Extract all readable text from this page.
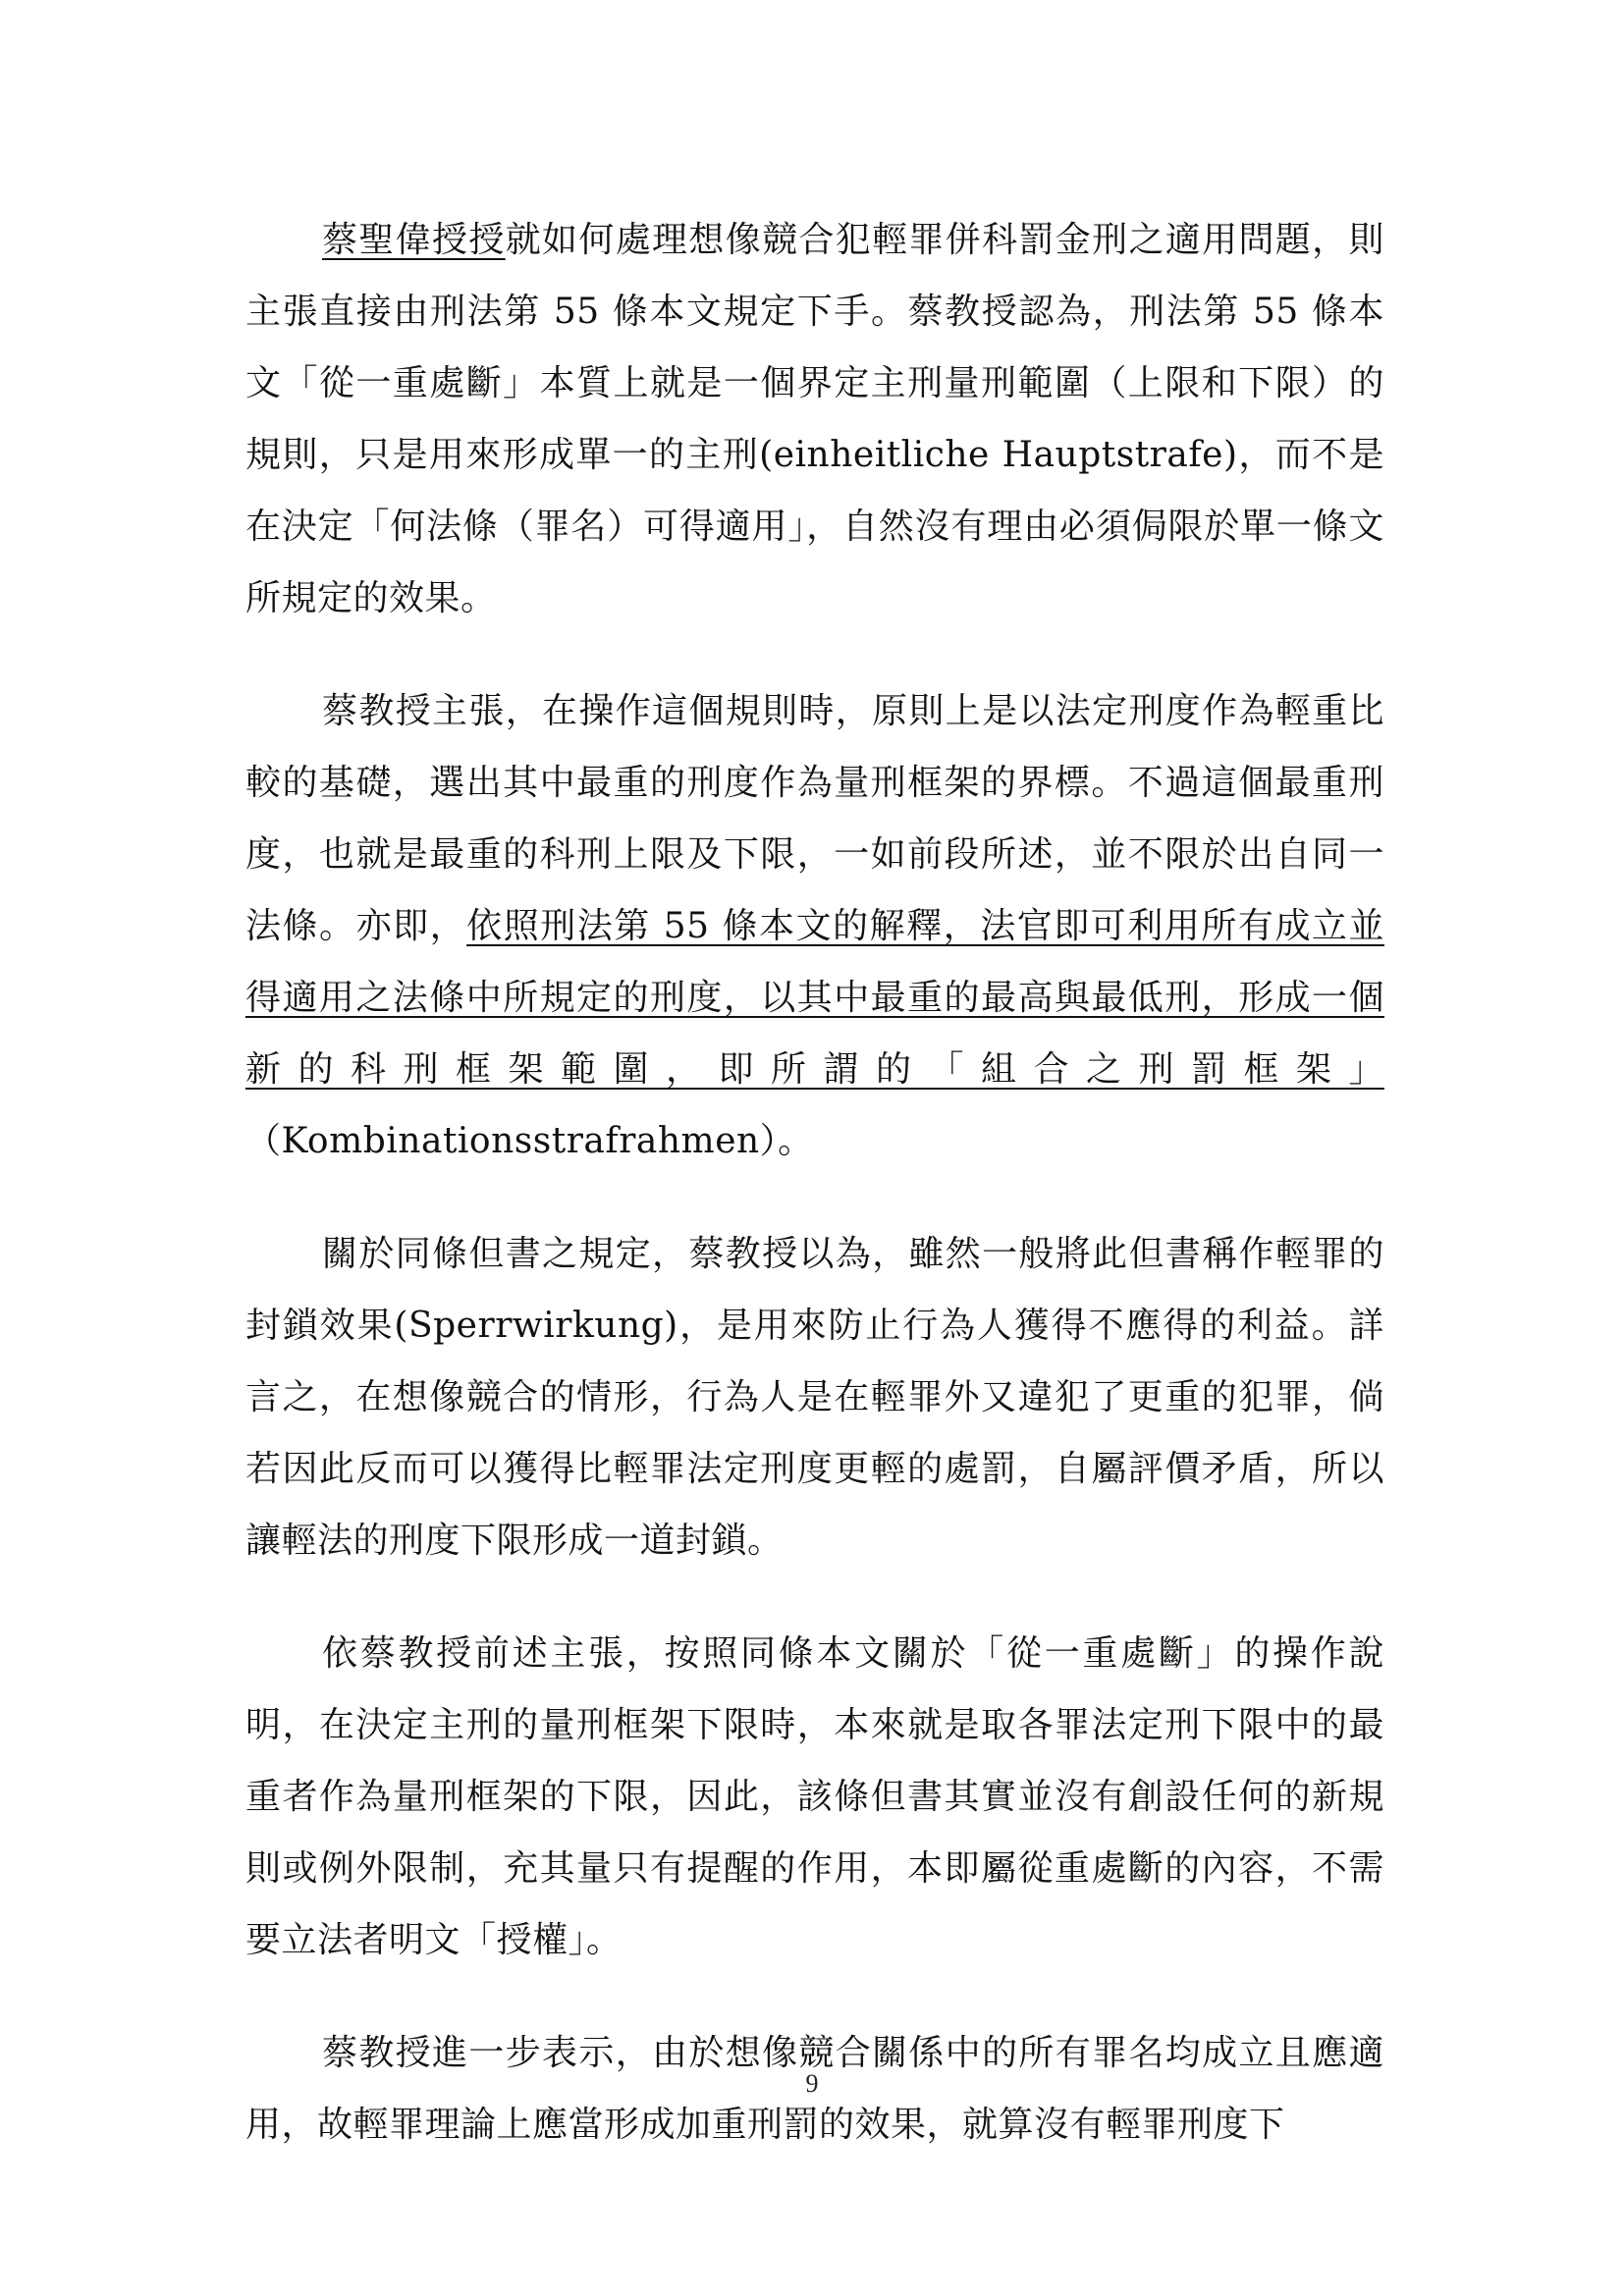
蔡聖偉授授就如何處理想像競合犯輕罪併科罰金刑之適用問題，則主張直接由刑法第 55 條本文規定下手。蔡教授認為，刑法第 55 條本文「從一重處斷」本質上就是一個界定主刑量刑範圍（上限和下限）的規則，只是用來形成單一的主刑(einheitliche Hauptstrafe)，而不是在決定「何法條（罪名）可得適用」，自然沒有理由必須侷限於單一條文所規定的效果。

蔡教授主張，在操作這個規則時，原則上是以法定刑度作為輕重比較的基礎，選出其中最重的刑度作為量刑框架的界標。不過這個最重刑度，也就是最重的科刑上限及下限，一如前段所述，並不限於出自同一法條。亦即，依照刑法第 55 條本文的解釋，法官即可利用所有成立並得適用之法條中所規定的刑度，以其中最重的最高與最低刑，形成一個新的科刑框架範圍，即所謂的「組合之刑罰框架」（Kombinationsstrafrahmen）。

關於同條但書之規定，蔡教授以為，雖然一般將此但書稱作輕罪的封鎖效果(Sperrwirkung)，是用來防止行為人獲得不應得的利益。詳言之，在想像競合的情形，行為人是在輕罪外又違犯了更重的犯罪，倘若因此反而可以獲得比輕罪法定刑度更輕的處罰，自屬評價矛盾，所以讓輕法的刑度下限形成一道封鎖。

依蔡教授前述主張，按照同條本文關於「從一重處斷」的操作說明，在決定主刑的量刑框架下限時，本來就是取各罪法定刑下限中的最重者作為量刑框架的下限，因此，該條但書其實並沒有創設任何的新規則或例外限制，充其量只有提醒的作用，本即屬從重處斷的內容，不需要立法者明文「授權」。

蔡教授進一步表示，由於想像競合關係中的所有罪名均成立且應適用，故輕罪理論上應當形成加重刑罰的效果，就算沒有輕罪刑度下

9
